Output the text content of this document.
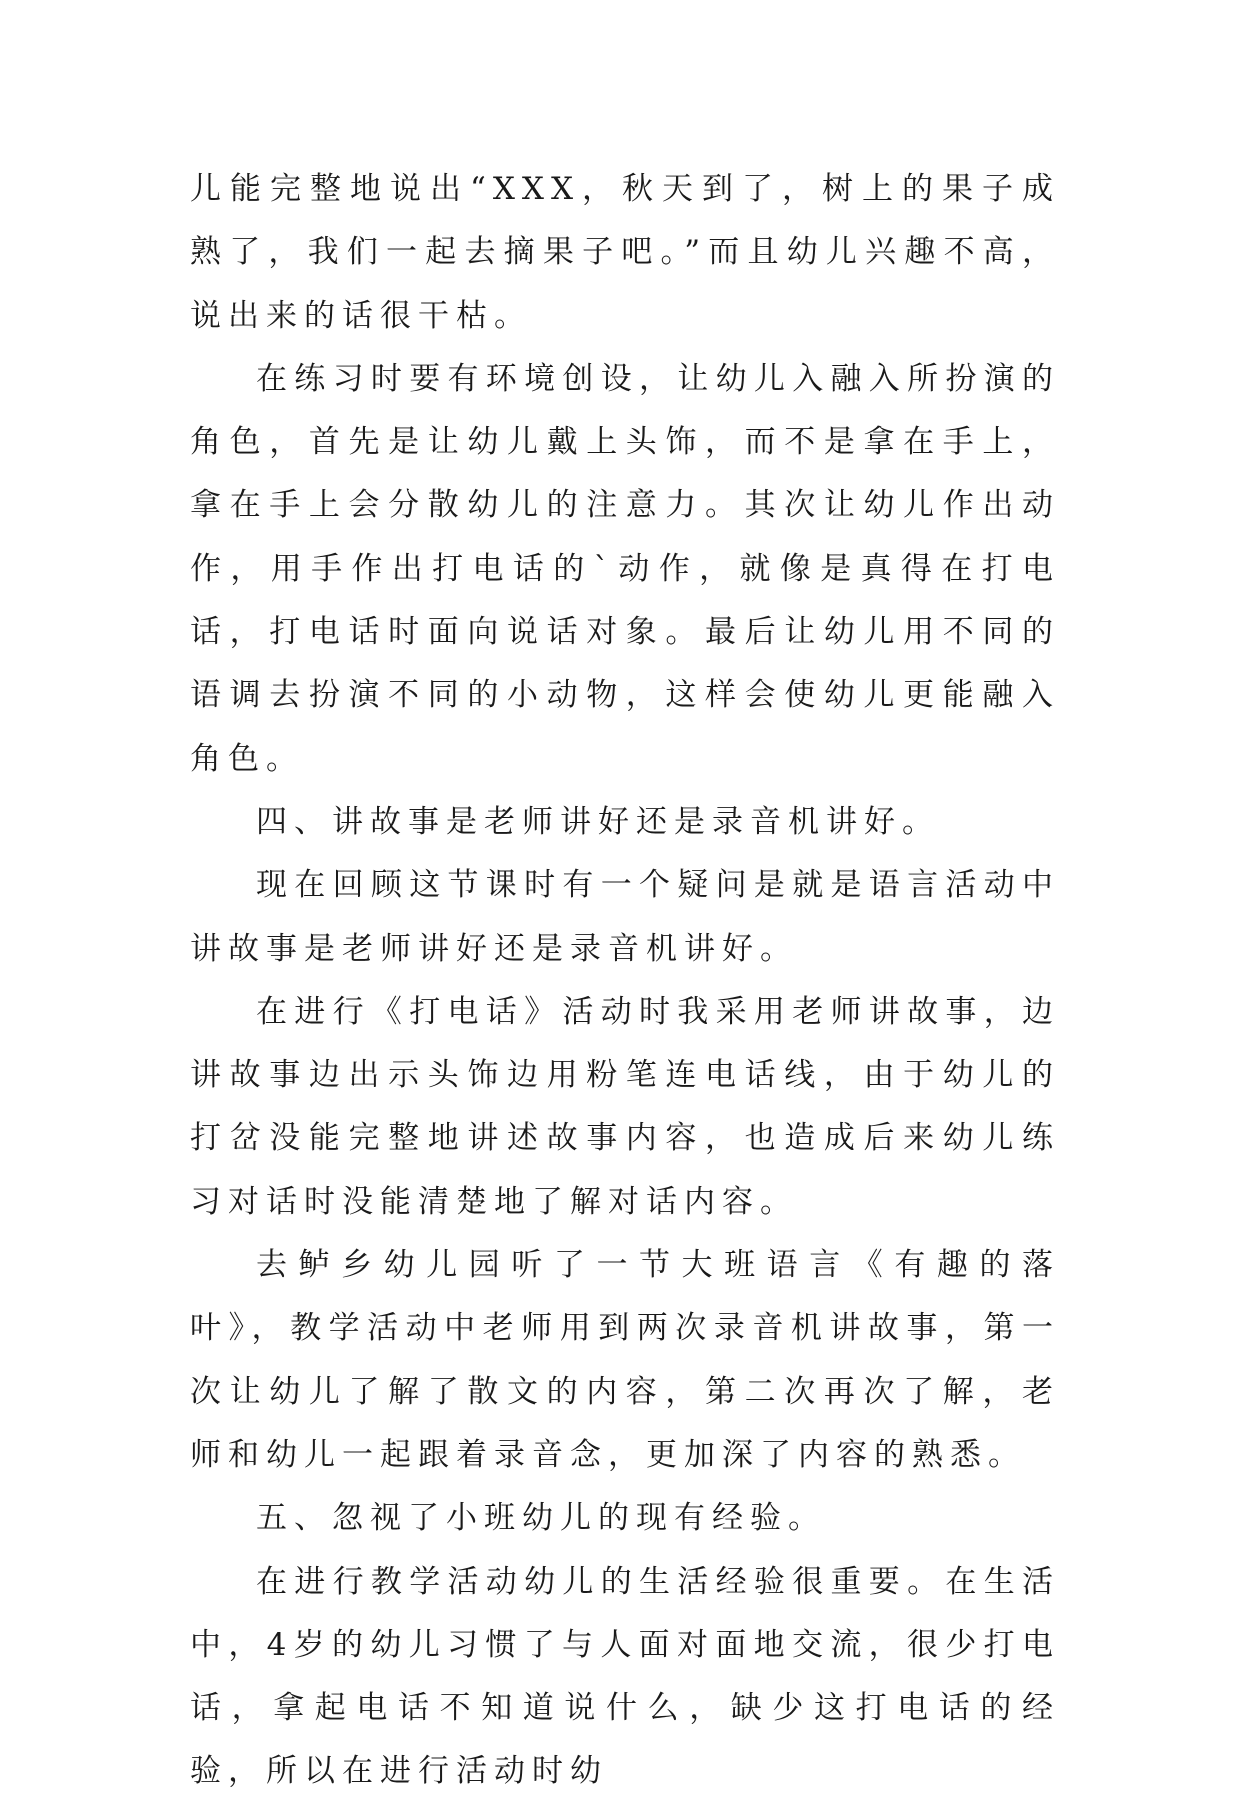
儿能完整地说出“XXX，秋天到了，树上的果子成熟了，我们一起去摘果子吧。”而且幼儿兴趣不高，说出来的话很干枯。

在练习时要有环境创设，让幼儿入融入所扮演的角色，首先是让幼儿戴上头饰，而不是拿在手上，拿在手上会分散幼儿的注意力。其次让幼儿作出动作，用手作出打电话的`动作，就像是真得在打电话，打电话时面向说话对象。最后让幼儿用不同的语调去扮演不同的小动物，这样会使幼儿更能融入角色。

四、讲故事是老师讲好还是录音机讲好。

现在回顾这节课时有一个疑问是就是语言活动中讲故事是老师讲好还是录音机讲好。

在进行《打电话》活动时我采用老师讲故事，边讲故事边出示头饰边用粉笔连电话线，由于幼儿的打岔没能完整地讲述故事内容，也造成后来幼儿练习对话时没能清楚地了解对话内容。

去鲈乡幼儿园听了一节大班语言《有趣的落叶》，教学活动中老师用到两次录音机讲故事，第一次让幼儿了解了散文的内容，第二次再次了解，老师和幼儿一起跟着录音念，更加深了内容的熟悉。

五、忽视了小班幼儿的现有经验。

在进行教学活动幼儿的生活经验很重要。在生活中，4岁的幼儿习惯了与人面对面地交流，很少打电话，拿起电话不知道说什么，缺少这打电话的经验，所以在进行活动时幼
